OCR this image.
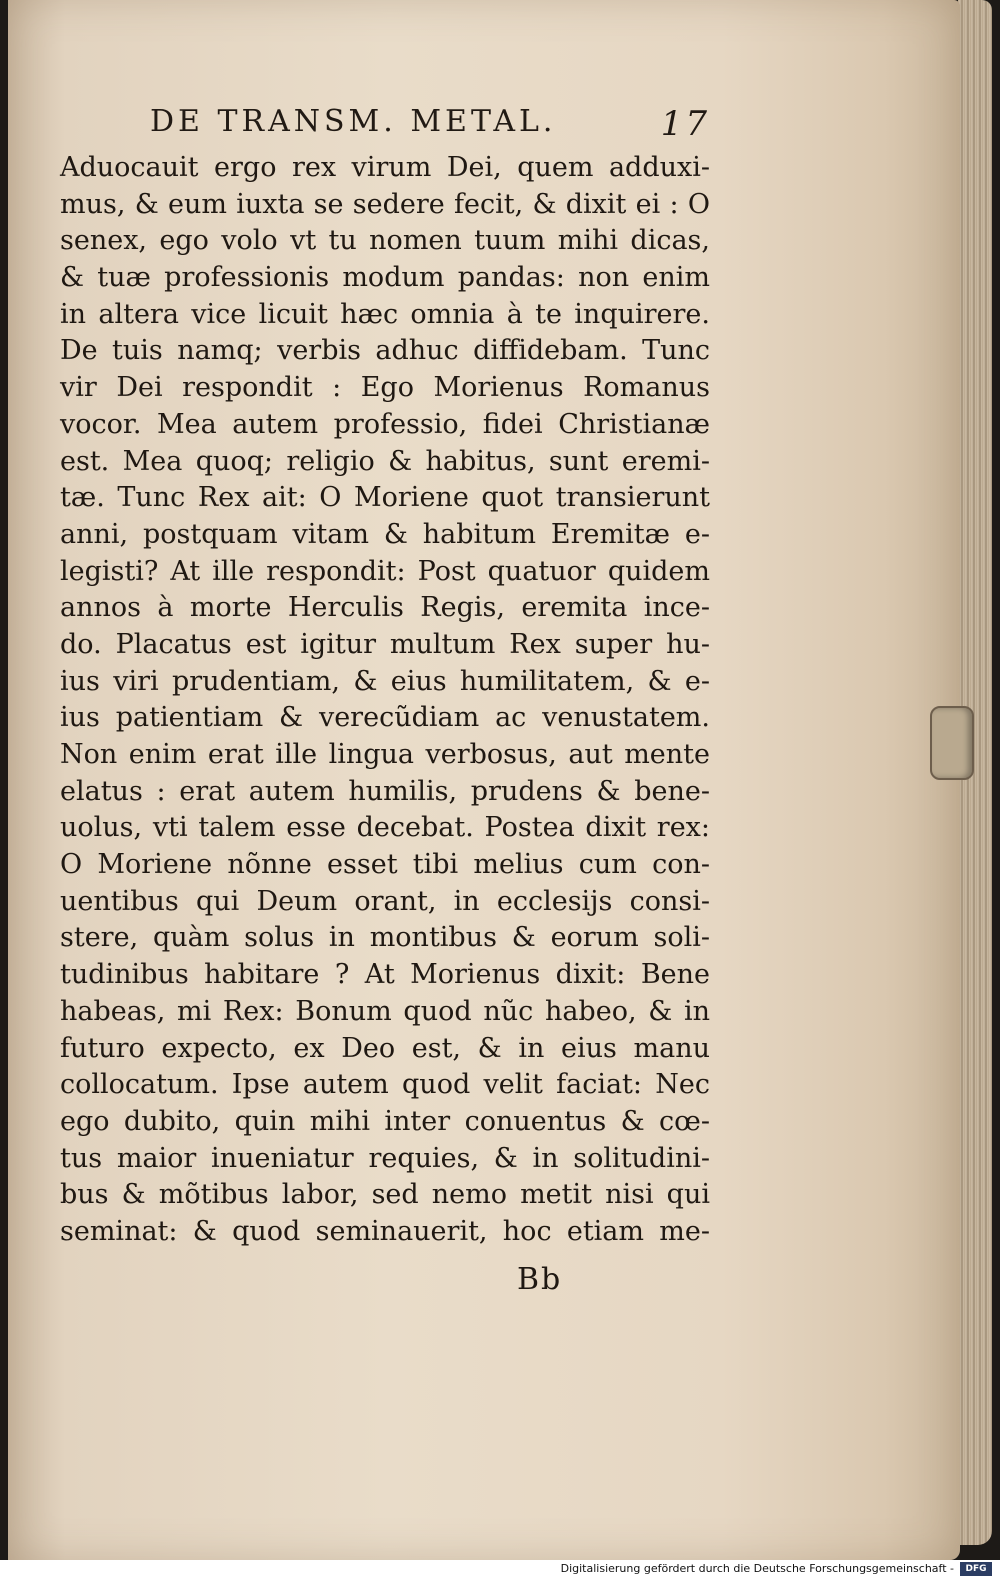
DE TRANSM. METAL.	17
Aduocauit ergo rex virum Dei, quem adduxi-
mus, & eum iuxta se sedere fecit, & dixit ei : O
senex, ego volo vt tu nomen tuum mihi dicas,
& tuæ professionis modum pandas: non enim
in altera vice licuit hæc omnia à te inquirere.
De tuis namq; verbis adhuc diffidebam. Tunc
vir Dei respondit : Ego Morienus Romanus
vocor. Mea autem professio, fidei Christianæ
est. Mea quoq; religio & habitus, sunt eremi-
tæ. Tunc Rex ait: O Moriene quot transierunt
anni, postquam vitam & habitum Eremitæ e-
legisti? At ille respondit: Post quatuor quidem
annos à morte Herculis Regis, eremita ince-
do. Placatus est igitur multum Rex super hu-
ius viri prudentiam, & eius humilitatem, & e-
ius patientiam & verecũdiam ac venustatem.
Non enim erat ille lingua verbosus, aut mente
elatus : erat autem humilis, prudens & bene-
uolus, vti talem esse decebat. Postea dixit rex:
O Moriene nõnne esset tibi melius cum con-
uentibus qui Deum orant, in ecclesijs consi-
stere, quàm solus in montibus & eorum soli-
tudinibus habitare ? At Morienus dixit: Bene
habeas, mi Rex: Bonum quod nũc habeo, & in
futuro expecto, ex Deo est, & in eius manu
collocatum. Ipse autem quod velit faciat: Nec
ego dubito, quin mihi inter conuentus & cœ-
tus maior inueniatur requies, & in solitudini-
bus & mõtibus labor, sed nemo metit nisi qui
seminat: & quod seminauerit, hoc etiam me-
Bb
Digitalisierung gefördert durch die Deutsche Forschungsgemeinschaft -	DFG
